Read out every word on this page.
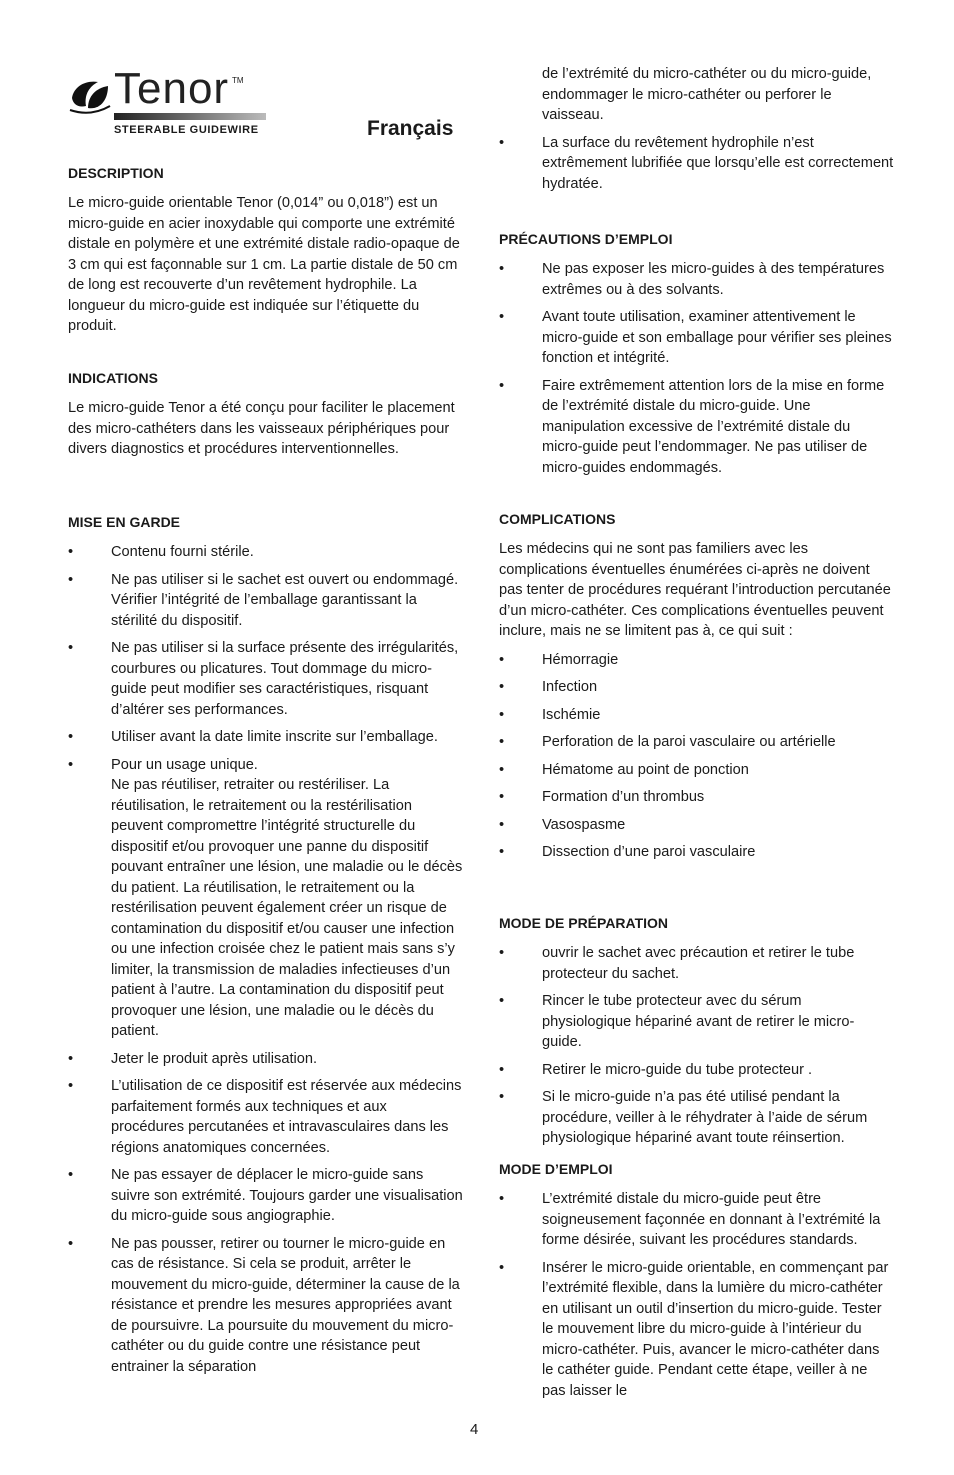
Tenor TM
STEERABLE GUIDEWIRE	Français
DESCRIPTION

Le micro-guide orientable Tenor (0,014” ou 0,018”) est un micro-guide en acier inoxydable qui comporte une extrémité distale en polymère et une extrémité distale radio-opaque de 3 cm qui est façonnable sur 1 cm. La partie distale de 50 cm de long est recouverte d’un revêtement hydrophile. La longueur du micro-guide est indiquée sur l’étiquette du produit.

INDICATIONS

Le micro-guide Tenor a été conçu pour faciliter le placement des micro-cathéters dans les vaisseaux périphériques pour divers diagnostics et procédures interventionnelles.

MISE EN GARDE
• Contenu fourni stérile.
• Ne pas utiliser si le sachet est ouvert ou endommagé. Vérifier l’intégrité de l’emballage garantissant la stérilité du dispositif.
• Ne pas utiliser si la surface présente des irrégularités, courbures ou plicatures. Tout dommage du micro-guide peut modifier ses caractéristiques, risquant d’altérer ses performances.
• Utiliser avant la date limite inscrite sur l’emballage.
• Pour un usage unique.
Ne pas réutiliser, retraiter ou restériliser. La réutilisation, le retraitement ou la restérilisation peuvent compromettre l’intégrité structurelle du dispositif et/ou provoquer une panne du dispositif pouvant entraîner une lésion, une maladie ou le décès du patient. La réutilisation, le retraitement ou la restérilisation peuvent également créer un risque de contamination du dispositif et/ou causer une infection ou une infection croisée chez le patient mais sans s’y limiter, la transmission de maladies infectieuses d’un patient à l’autre. La contamination du dispositif peut provoquer une lésion, une maladie ou le décès du patient.
• Jeter le produit après utilisation.
• L’utilisation de ce dispositif est réservée aux médecins parfaitement formés aux techniques et aux procédures percutanées et intravasculaires dans les régions anatomiques concernées.
• Ne pas essayer de déplacer le micro-guide sans suivre son extrémité. Toujours garder une visualisation du micro-guide sous angiographie.
• Ne pas pousser, retirer ou tourner le micro-guide en cas de résistance. Si cela se produit, arrêter le mouvement du micro-guide, déterminer la cause de la résistance et prendre les mesures appropriées avant de poursuivre. La poursuite du mouvement du micro-cathéter ou du guide contre une résistance peut entrainer la séparation
de l’extrémité du micro-cathéter ou du micro-guide, endommager le micro-cathéter ou perforer le vaisseau.
• La surface du revêtement hydrophile n’est extrêmement lubrifiée que lorsqu’elle est correctement hydratée.
PRÉCAUTIONS D’EMPLOI
• Ne pas exposer les micro-guides à des températures extrêmes ou à des solvants.
• Avant toute utilisation, examiner attentivement le micro-guide et son emballage pour vérifier ses pleines fonction et intégrité.
• Faire extrêmement attention lors de la mise en forme de l’extrémité distale du micro-guide. Une manipulation excessive de l’extrémité distale du micro-guide peut l’endommager. Ne pas utiliser de micro-guides endommagés.
COMPLICATIONS

Les médecins qui ne sont pas familiers avec les complications éventuelles énumérées ci-après ne doivent pas tenter de procédures requérant l’introduction percutanée d’un micro-cathéter. Ces complications éventuelles peuvent inclure, mais ne se limitent pas à, ce qui suit :

• Hémorragie
• Infection
• Ischémie
• Perforation de la paroi vasculaire ou artérielle
• Hématome au point de ponction
• Formation d’un thrombus
• Vasospasme
• Dissection d’une paroi vasculaire
MODE DE PRÉPARATION
• ouvrir le sachet avec précaution et retirer le tube protecteur du sachet.
• Rincer le tube protecteur avec du sérum physiologique hépariné avant de retirer le micro-guide.
• Retirer le micro-guide du tube protecteur .
• Si le micro-guide n’a pas été utilisé pendant la procédure, veiller à le réhydrater à l’aide de sérum physiologique hépariné avant toute réinsertion.
MODE D’EMPLOI
• L’extrémité distale du micro-guide peut être soigneusement façonnée en donnant à l’extrémité la forme désirée, suivant les procédures standards.
• Insérer le micro-guide orientable, en commençant par l’extrémité flexible, dans la lumière du micro-cathéter en utilisant un outil d’insertion du micro-guide. Tester le mouvement libre du micro-guide à l’intérieur du micro-cathéter. Puis, avancer le micro-cathéter dans le cathéter guide. Pendant cette étape, veiller à ne pas laisser le
4
